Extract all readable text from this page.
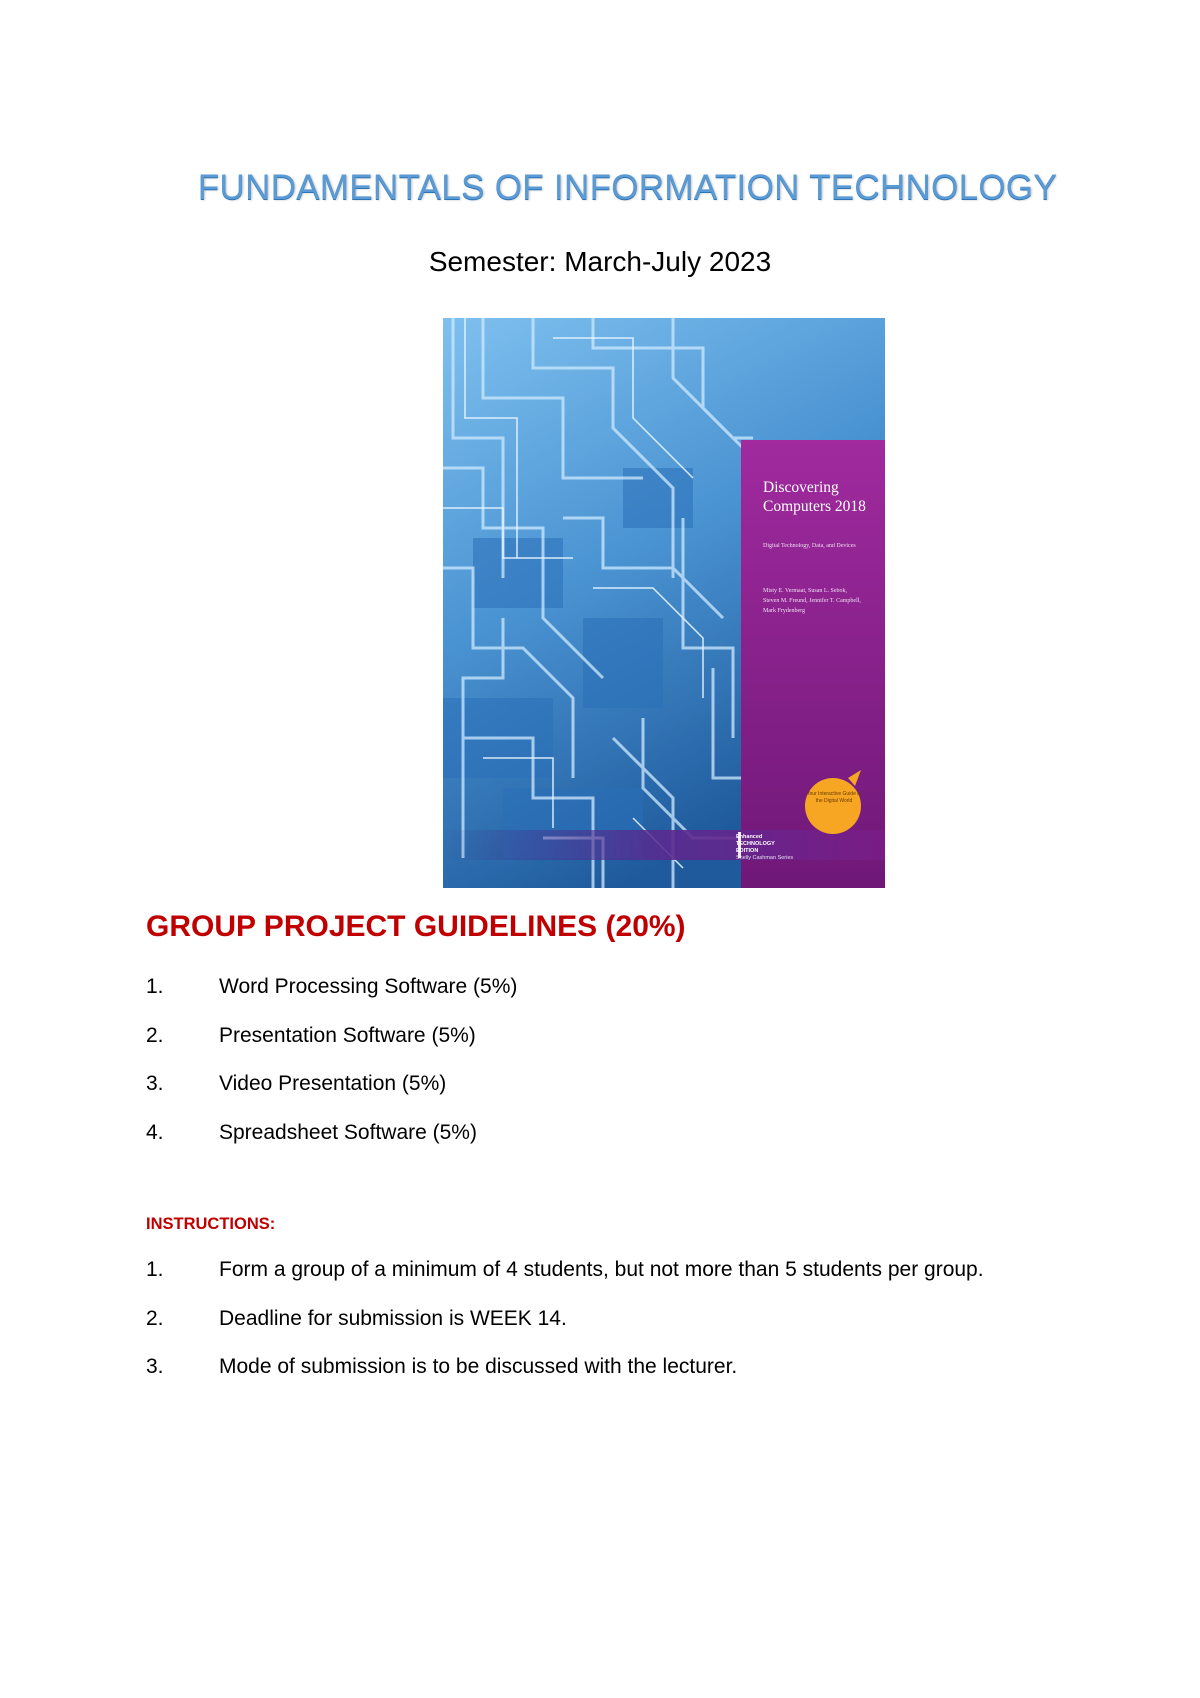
FUNDAMENTALS OF INFORMATION TECHNOLOGY

Semester: March-July 2023

Discovering Computers 2018
Digital Technology, Data, and Devices
Misty E. Vermaat, Susan L. Sebok, Steven M. Freund, Jennifer T. Campbell, Mark Frydenberg
Your Interactive Guide to the Digital World
Enhanced
TECHNOLOGY
EDITION
Shelly Cashman Series
GROUP PROJECT GUIDELINES (20%)
1.	Word Processing Software (5%)
2.	Presentation Software (5%)
3.	Video Presentation (5%)
4.	Spreadsheet Software (5%)

INSTRUCTIONS:

1.	Form a group of a minimum of 4 students, but not more than 5 students per group.
2.	Deadline for submission is WEEK 14.
3.	Mode of submission is to be discussed with the lecturer.
